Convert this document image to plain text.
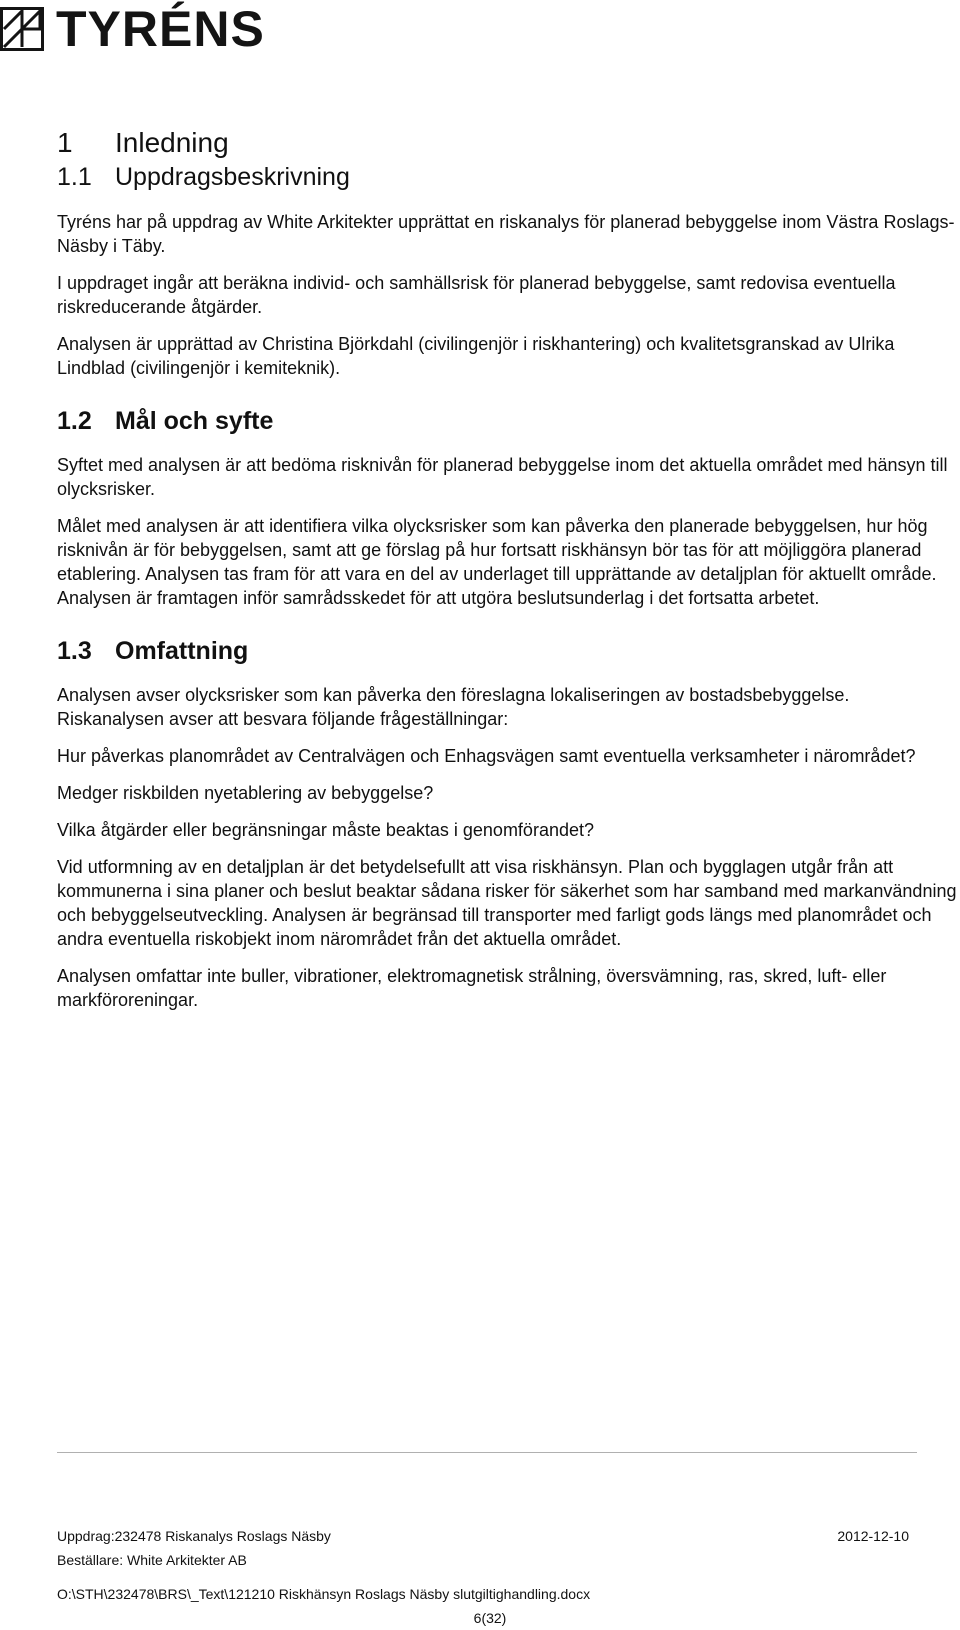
TYRÉNS
1	Inledning
1.1 Uppdragsbeskrivning

Tyréns har på uppdrag av White Arkitekter upprättat en riskanalys för planerad bebyggelse inom Västra Roslags-Näsby i Täby.

I uppdraget ingår att beräkna individ- och samhällsrisk för planerad bebyggelse, samt redovisa eventuella riskreducerande åtgärder.

Analysen är upprättad av Christina Björkdahl (civilingenjör i riskhantering) och kvalitetsgranskad av Ulrika Lindblad (civilingenjör i kemiteknik).

1.2 Mål och syfte

Syftet med analysen är att bedöma risknivån för planerad bebyggelse inom det aktuella området med hänsyn till olycksrisker.

Målet med analysen är att identifiera vilka olycksrisker som kan påverka den planerade bebyggelsen, hur hög risknivån är för bebyggelsen, samt att ge förslag på hur fortsatt riskhänsyn bör tas för att möjliggöra planerad etablering. Analysen tas fram för att vara en del av underlaget till upprättande av detaljplan för aktuellt område. Analysen är framtagen inför samrådsskedet för att utgöra beslutsunderlag i det fortsatta arbetet.

1.3 Omfattning

Analysen avser olycksrisker som kan påverka den föreslagna lokaliseringen av bostadsbebyggelse. Riskanalysen avser att besvara följande frågeställningar:

Hur påverkas planområdet av Centralvägen och Enhagsvägen samt eventuella verksamheter i närområdet?

Medger riskbilden nyetablering av bebyggelse?

Vilka åtgärder eller begränsningar måste beaktas i genomförandet?

Vid utformning av en detaljplan är det betydelsefullt att visa riskhänsyn. Plan och bygglagen utgår från att kommunerna i sina planer och beslut beaktar sådana risker för säkerhet som har samband med markanvändning och bebyggelseutveckling. Analysen är begränsad till transporter med farligt gods längs med planområdet och andra eventuella riskobjekt inom närområdet från det aktuella området.

Analysen omfattar inte buller, vibrationer, elektromagnetisk strålning, översvämning, ras, skred, luft- eller markföroreningar.

Uppdrag:232478 Riskanalys Roslags Näsby	2012-12-10
Beställare: White Arkitekter AB
O:\STH\232478\BRS\_Text\121210 Riskhänsyn Roslags Näsby slutgiltighandling.docx
6(32)
